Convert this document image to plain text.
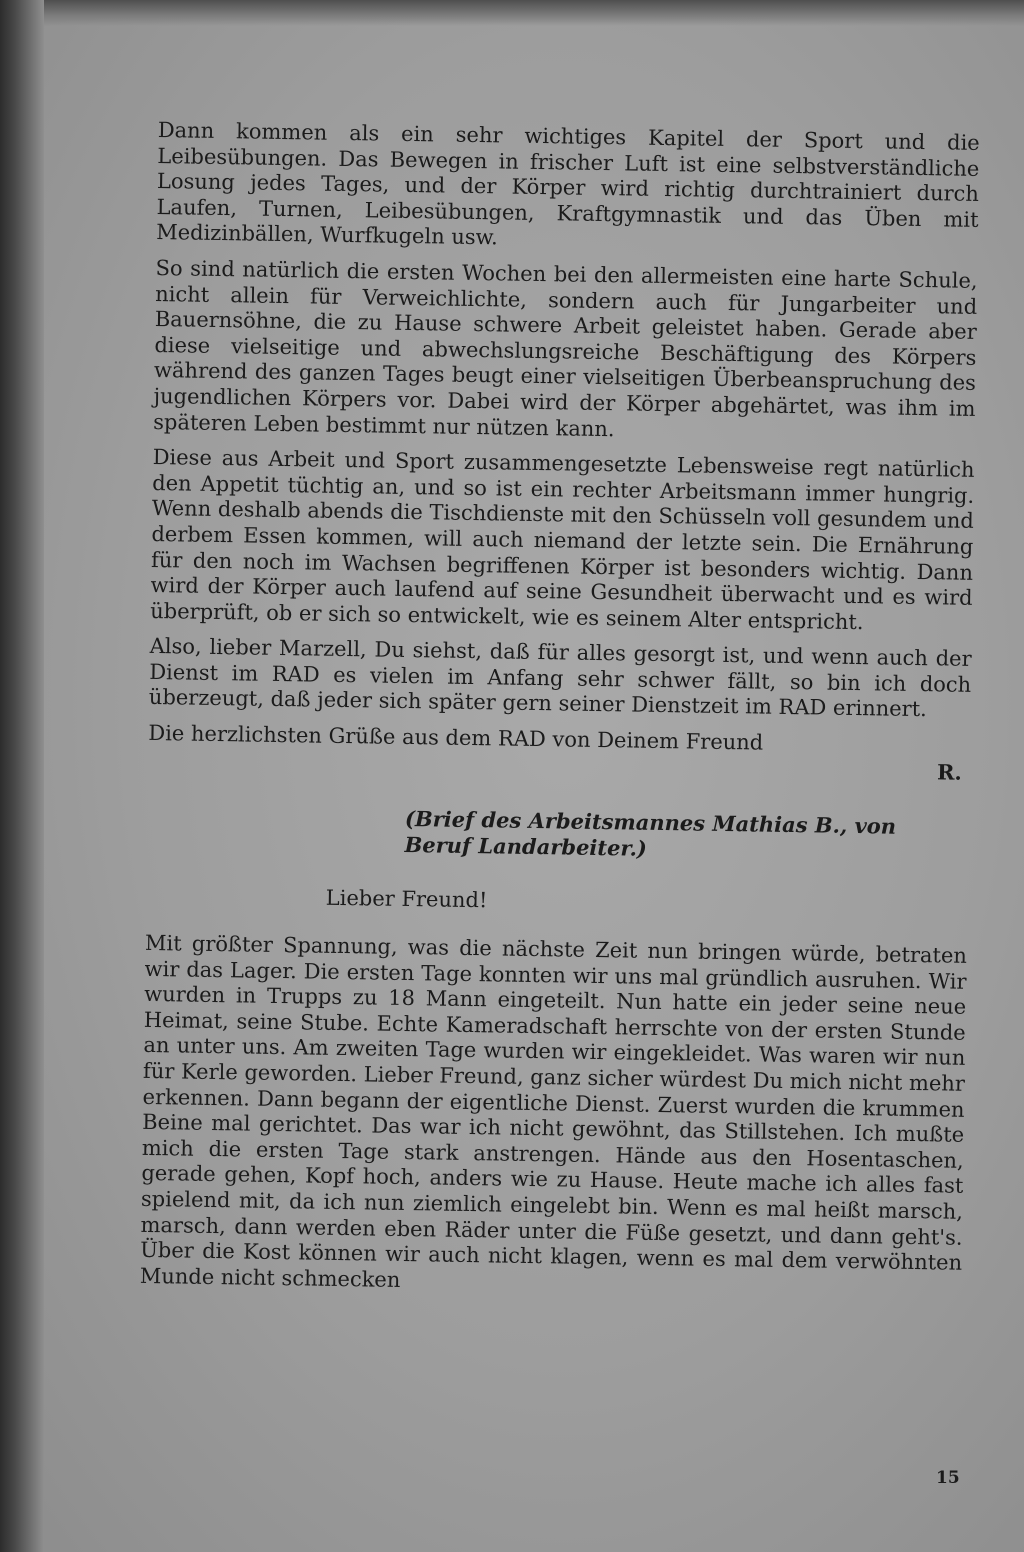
Dann kommen als ein sehr wichtiges Kapitel der Sport und die Leibesübungen. Das Bewegen in frischer Luft ist eine selbstverständliche Losung jedes Tages, und der Körper wird richtig durchtrainiert durch Laufen, Turnen, Leibesübungen, Kraftgymnastik und das Üben mit Medizinbällen, Wurfkugeln usw.

So sind natürlich die ersten Wochen bei den allermeisten eine harte Schule, nicht allein für Verweichlichte, sondern auch für Jungarbeiter und Bauernsöhne, die zu Hause schwere Arbeit geleistet haben. Gerade aber diese vielseitige und abwechslungsreiche Beschäftigung des Körpers während des ganzen Tages beugt einer vielseitigen Überbeanspruchung des jugendlichen Körpers vor. Dabei wird der Körper abgehärtet, was ihm im späteren Leben bestimmt nur nützen kann.

Diese aus Arbeit und Sport zusammengesetzte Lebensweise regt natürlich den Appetit tüchtig an, und so ist ein rechter Arbeitsmann immer hungrig. Wenn deshalb abends die Tischdienste mit den Schüsseln voll gesundem und derbem Essen kommen, will auch niemand der letzte sein. Die Ernährung für den noch im Wachsen begriffenen Körper ist besonders wichtig. Dann wird der Körper auch laufend auf seine Gesundheit überwacht und es wird überprüft, ob er sich so entwickelt, wie es seinem Alter entspricht.

Also, lieber Marzell, Du siehst, daß für alles gesorgt ist, und wenn auch der Dienst im RAD es vielen im Anfang sehr schwer fällt, so bin ich doch überzeugt, daß jeder sich später gern seiner Dienstzeit im RAD erinnert.

Die herzlichsten Grüße aus dem RAD von Deinem Freund

R.

(Brief des Arbeitsmannes Mathias B., von Beruf Landarbeiter.)

Lieber Freund!

Mit größter Spannung, was die nächste Zeit nun bringen würde, betraten wir das Lager. Die ersten Tage konnten wir uns mal gründlich ausruhen. Wir wurden in Trupps zu 18 Mann eingeteilt. Nun hatte ein jeder seine neue Heimat, seine Stube. Echte Kameradschaft herrschte von der ersten Stunde an unter uns. Am zweiten Tage wurden wir eingekleidet. Was waren wir nun für Kerle geworden. Lieber Freund, ganz sicher würdest Du mich nicht mehr erkennen. Dann begann der eigentliche Dienst. Zuerst wurden die krummen Beine mal gerichtet. Das war ich nicht gewöhnt, das Stillstehen. Ich mußte mich die ersten Tage stark anstrengen. Hände aus den Hosentaschen, gerade gehen, Kopf hoch, anders wie zu Hause. Heute mache ich alles fast spielend mit, da ich nun ziemlich eingelebt bin. Wenn es mal heißt marsch, marsch, dann werden eben Räder unter die Füße gesetzt, und dann geht's. Über die Kost können wir auch nicht klagen, wenn es mal dem verwöhnten Munde nicht schmecken

15
